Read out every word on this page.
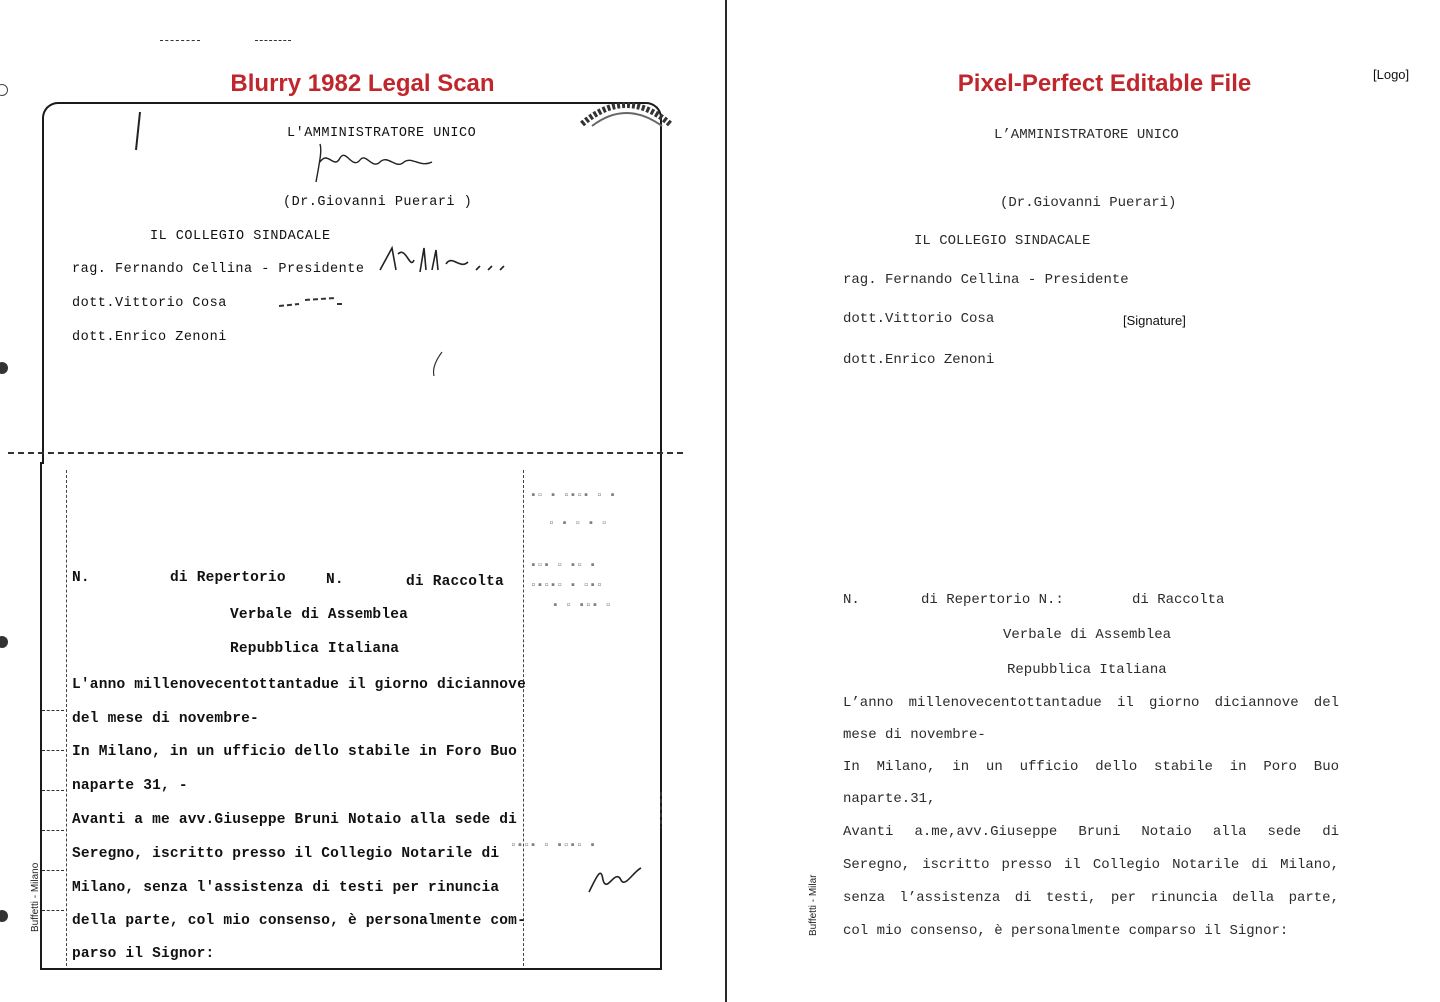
Blurry 1982 Legal Scan
L'AMMINISTRATORE UNICO
(Dr.Giovanni Puerari )
IL COLLEGIO SINDACALE
rag. Fernando Cellina - Presidente
dott.Vittorio Cosa
dott.Enrico Zenoni
▪▫ ▪ ▫▪▫▪ ▫ ▪
▫ ▪ ▫ ▪ ▫
▪▫▪ ▫ ▪▫ ▪
▫▪▫▪▫ ▪ ▫▪▫
▪ ▫ ▪▫▪ ▫
▫▪▫▪ ▫ ▪▫▪▫ ▪
N.	di Repertorio	N.	di Raccolta
Verbale di Assemblea
Repubblica Italiana
L'anno millenovecentottantadue il giorno diciannove
del mese di novembre-
In Milano, in un ufficio dello stabile in Foro Buo
naparte 31, -
Avanti a me avv.Giuseppe Bruni Notaio alla sede di
Seregno, iscritto presso il Collegio Notarile di
Milano, senza l'assistenza di testi per rinuncia
della parte, col mio consenso, è personalmente com-
parso il Signor:
Buffetti - Milano
Pixel-Perfect Editable File	[Logo]
L’AMMINISTRATORE UNICO
(Dr.Giovanni Puerari)
IL COLLEGIO SINDACALE
rag. Fernando Cellina - Presidente
dott.Vittorio Cosa	[Signature]
dott.Enrico Zenoni
N.	di Repertorio N.:	di Raccolta
Verbale di Assemblea
Repubblica Italiana
L’anno millenovecentottantadue il giorno diciannove del
mese di novembre-
In Milano, in un ufficio dello stabile in Poro Buo
naparte.31,
Avanti a.me,avv.Giuseppe Bruni Notaio alla sede di
Seregno, iscritto presso il Collegio Notarile di Milano,
senza l’assistenza di testi, per rinuncia della parte,
col mio consenso, è personalmente comparso il Signor:
Buffetti - Milar
